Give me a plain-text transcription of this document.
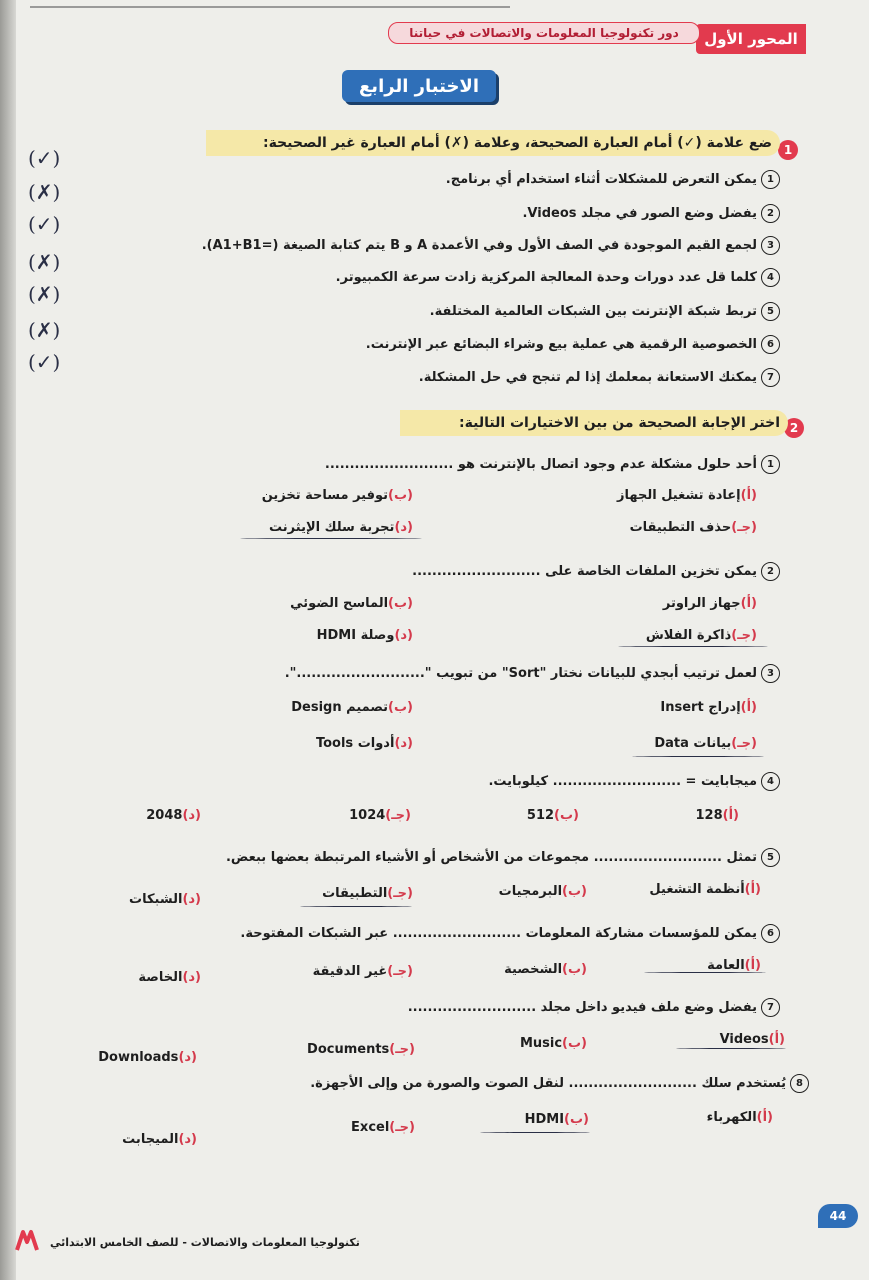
المحور الأول
دور تكنولوجيا المعلومات والاتصالات في حياتنا
الاختبار الرابع
1
ضع علامة (✓) أمام العبارة الصحيحة، وعلامة (✗) أمام العبارة غير الصحيحة:
1
يمكن التعرض للمشكلات أثناء استخدام أي برنامج.
2
يفضل وضع الصور في مجلد Videos.
3
لجمع القيم الموجودة في الصف الأول وفي الأعمدة A و B يتم كتابة الصيغة (=A1+B1).
4
كلما قل عدد دورات وحدة المعالجة المركزية زادت سرعة الكمبيوتر.
5
تربط شبكة الإنترنت بين الشبكات العالمية المختلفة.
6
الخصوصية الرقمية هي عملية بيع وشراء البضائع عبر الإنترنت.
7
يمكنك الاستعانة بمعلمك إذا لم تنجح في حل المشكلة.
(✓)
(✗)
(✓)
(✗)
(✗)
(✗)
(✓)
2
اختر الإجابة الصحيحة من بين الاختيارات التالية:
1
أحد حلول مشكلة عدم وجود اتصال بالإنترنت هو ..........................
(أ)إعادة تشغيل الجهاز
(ب)توفير مساحة تخزين
(جـ)حذف التطبيقات
(د)تجربة سلك الإيثرنت
2
يمكن تخزين الملفات الخاصة على ..........................
(أ)جهاز الراوتر
(ب)الماسح الضوئي
(جـ)ذاكرة الفلاش
(د)وصلة HDMI
3
لعمل ترتيب أبجدي للبيانات نختار "Sort" من تبويب "..........................".
(أ)إدراج Insert
(ب)تصميم Design
(جـ)بيانات Data
(د)أدوات Tools
4
ميجابايت = .......................... كيلوبايت.
(أ)128
(ب)512
(جـ)1024
(د)2048
5
تمثل .......................... مجموعات من الأشخاص أو الأشياء المرتبطة بعضها ببعض.
(أ)أنظمة التشغيل
(ب)البرمجيات
(جـ)التطبيقات
(د)الشبكات
6
يمكن للمؤسسات مشاركة المعلومات .......................... عبر الشبكات المفتوحة.
(أ)العامة
(ب)الشخصية
(جـ)غير الدقيقة
(د)الخاصة
7
يفضل وضع ملف فيديو داخل مجلد ..........................
(أ)Videos
(ب)Music
(جـ)Documents
(د)Downloads
8
يُستخدم سلك .......................... لنقل الصوت والصورة من وإلى الأجهزة.
(أ)الكهرباء
(ب)HDMI
(جـ)Excel
(د)الميجابت
تكنولوجيا المعلومات والاتصالات - للصف الخامس الابتدائي
44
